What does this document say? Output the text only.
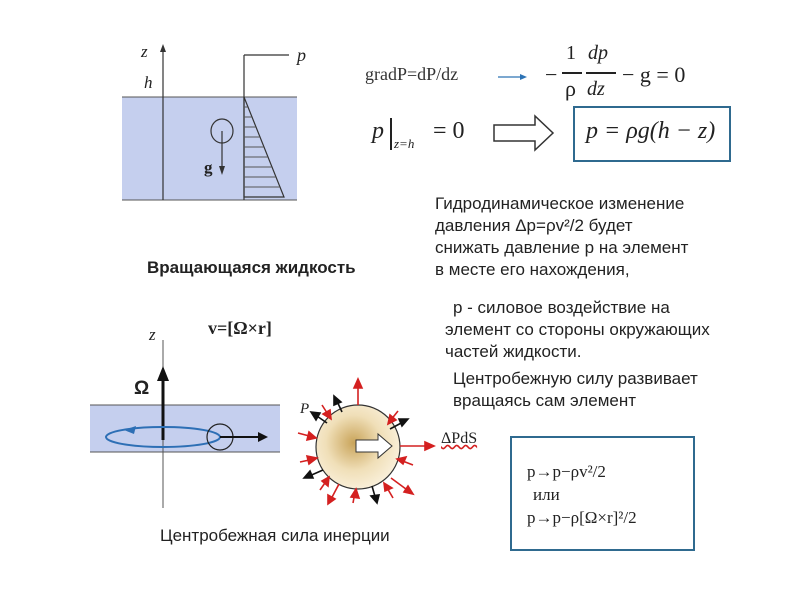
z
h
p
g
gradP=dP/dz	−
1
ρ
dp
dz
− g = 0
p z=h = 0	p = ρg(h − z)
Гидродинамическое изменение
давления Δp=ρv²/2 будет
снижать давление p на элемент
в месте его нахождения,
Вращающаяся жидкость
p - силовое воздействие на
элемент со стороны окружающих
частей жидкости.
Центробежную силу развивает
вращаясь сам элемент
z	v=[Ω×r]
Ω
P
ΔPdS
p→p−ρv²/2
или
p→p−ρ[Ω×r]²/2
Центробежная сила инерции
